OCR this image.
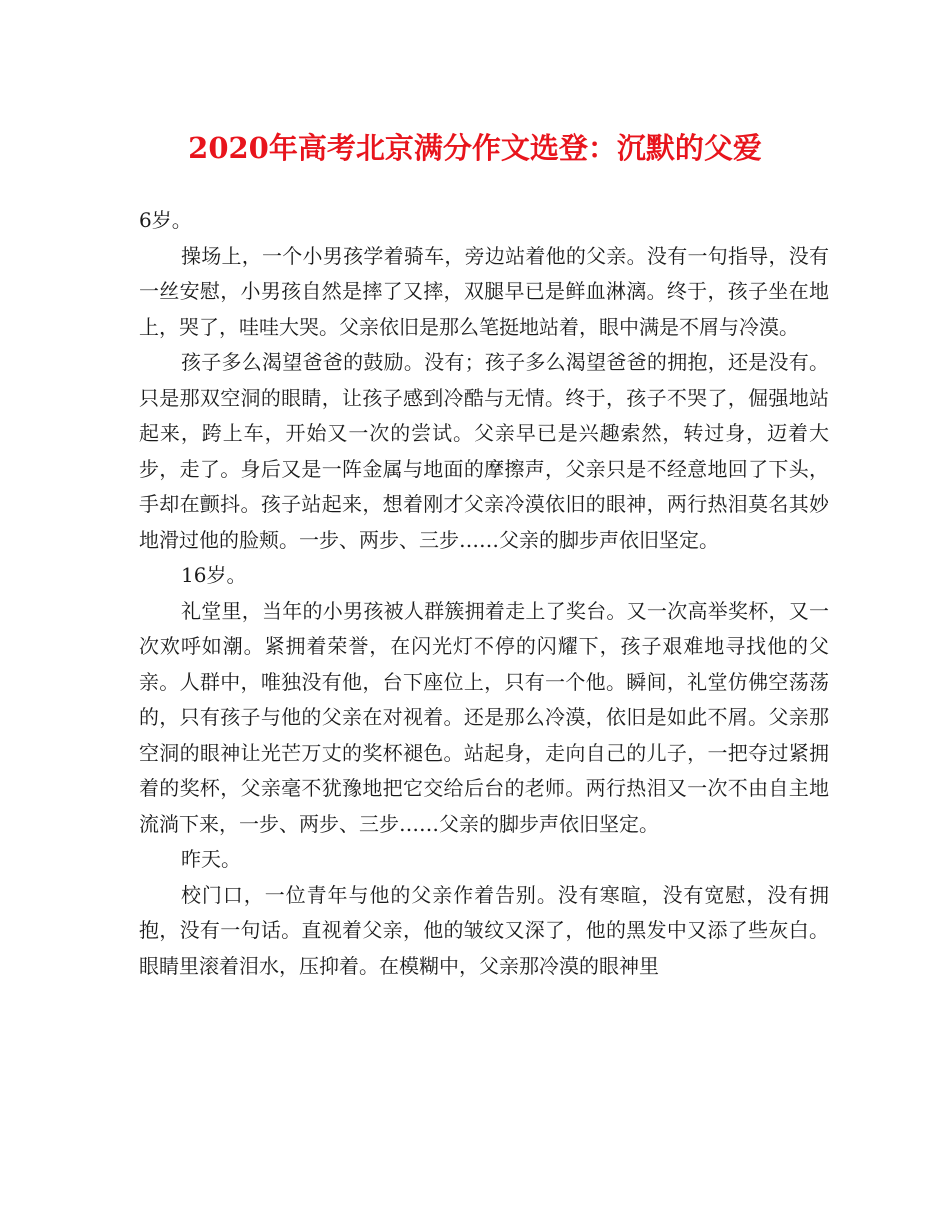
2020年高考北京满分作文选登：沉默的父爱

6岁。

操场上，一个小男孩学着骑车，旁边站着他的父亲。没有一句指导，没有一丝安慰，小男孩自然是摔了又摔，双腿早已是鲜血淋漓。终于，孩子坐在地上，哭了，哇哇大哭。父亲依旧是那么笔挺地站着，眼中满是不屑与冷漠。

孩子多么渴望爸爸的鼓励。没有；孩子多么渴望爸爸的拥抱，还是没有。只是那双空洞的眼睛，让孩子感到冷酷与无情。终于，孩子不哭了，倔强地站起来，跨上车，开始又一次的尝试。父亲早已是兴趣索然，转过身，迈着大步，走了。身后又是一阵金属与地面的摩擦声，父亲只是不经意地回了下头，手却在颤抖。孩子站起来，想着刚才父亲冷漠依旧的眼神，两行热泪莫名其妙地滑过他的脸颊。一步、两步、三步……父亲的脚步声依旧坚定。

16岁。

礼堂里，当年的小男孩被人群簇拥着走上了奖台。又一次高举奖杯，又一次欢呼如潮。紧拥着荣誉，在闪光灯不停的闪耀下，孩子艰难地寻找他的父亲。人群中，唯独没有他，台下座位上，只有一个他。瞬间，礼堂仿佛空荡荡的，只有孩子与他的父亲在对视着。还是那么冷漠，依旧是如此不屑。父亲那空洞的眼神让光芒万丈的奖杯褪色。站起身，走向自己的儿子，一把夺过紧拥着的奖杯，父亲毫不犹豫地把它交给后台的老师。两行热泪又一次不由自主地流淌下来，一步、两步、三步……父亲的脚步声依旧坚定。

昨天。

校门口，一位青年与他的父亲作着告别。没有寒暄，没有宽慰，没有拥抱，没有一句话。直视着父亲，他的皱纹又深了，他的黑发中又添了些灰白。眼睛里滚着泪水，压抑着。在模糊中，父亲那冷漠的眼神里
